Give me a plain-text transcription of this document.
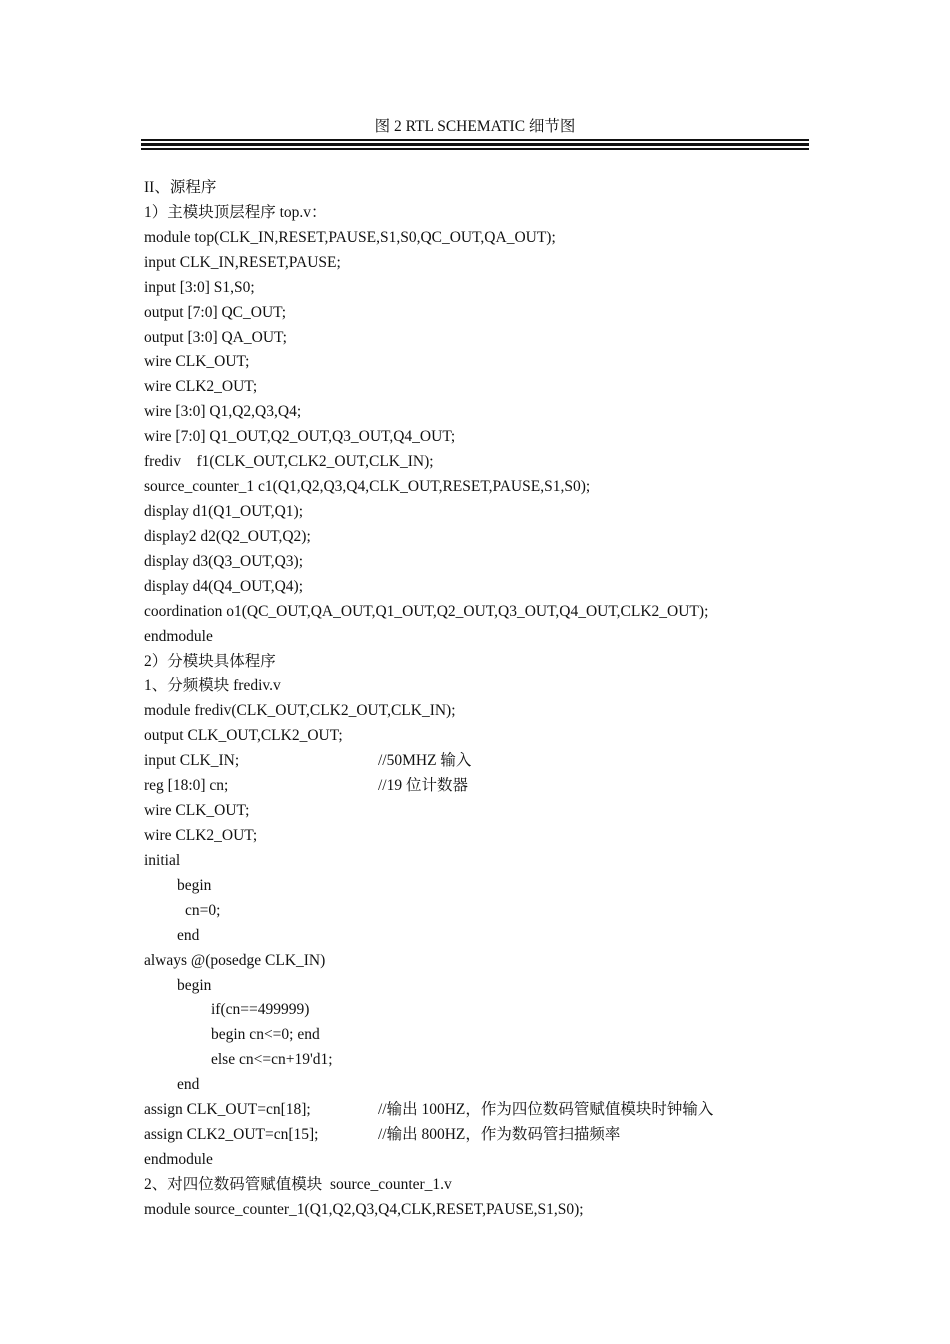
图 2 RTL SCHEMATIC 细节图
II、源程序
1）主模块顶层程序 top.v：
module top(CLK_IN,RESET,PAUSE,S1,S0,QC_OUT,QA_OUT);
input CLK_IN,RESET,PAUSE;
input [3:0] S1,S0;
output [7:0] QC_OUT;
output [3:0] QA_OUT;
wire CLK_OUT;
wire CLK2_OUT;
wire [3:0] Q1,Q2,Q3,Q4;
wire [7:0] Q1_OUT,Q2_OUT,Q3_OUT,Q4_OUT;
frediv    f1(CLK_OUT,CLK2_OUT,CLK_IN);
source_counter_1 c1(Q1,Q2,Q3,Q4,CLK_OUT,RESET,PAUSE,S1,S0);
display d1(Q1_OUT,Q1);
display2 d2(Q2_OUT,Q2);
display d3(Q3_OUT,Q3);
display d4(Q4_OUT,Q4);
coordination o1(QC_OUT,QA_OUT,Q1_OUT,Q2_OUT,Q3_OUT,Q4_OUT,CLK2_OUT);
endmodule
2）分模块具体程序
1、分频模块 frediv.v
module frediv(CLK_OUT,CLK2_OUT,CLK_IN);
output CLK_OUT,CLK2_OUT;
input CLK_IN;	//50MHZ 输入
reg [18:0] cn;	//19 位计数器
wire CLK_OUT;
wire CLK2_OUT;
initial
begin
cn=0;
end
always @(posedge CLK_IN)
begin
if(cn==499999)
begin cn<=0; end
else cn<=cn+19'd1;
end
assign CLK_OUT=cn[18];	//输出 100HZ，作为四位数码管赋值模块时钟输入
assign CLK2_OUT=cn[15];	//输出 800HZ，作为数码管扫描频率
endmodule
2、对四位数码管赋值模块  source_counter_1.v
module source_counter_1(Q1,Q2,Q3,Q4,CLK,RESET,PAUSE,S1,S0);
